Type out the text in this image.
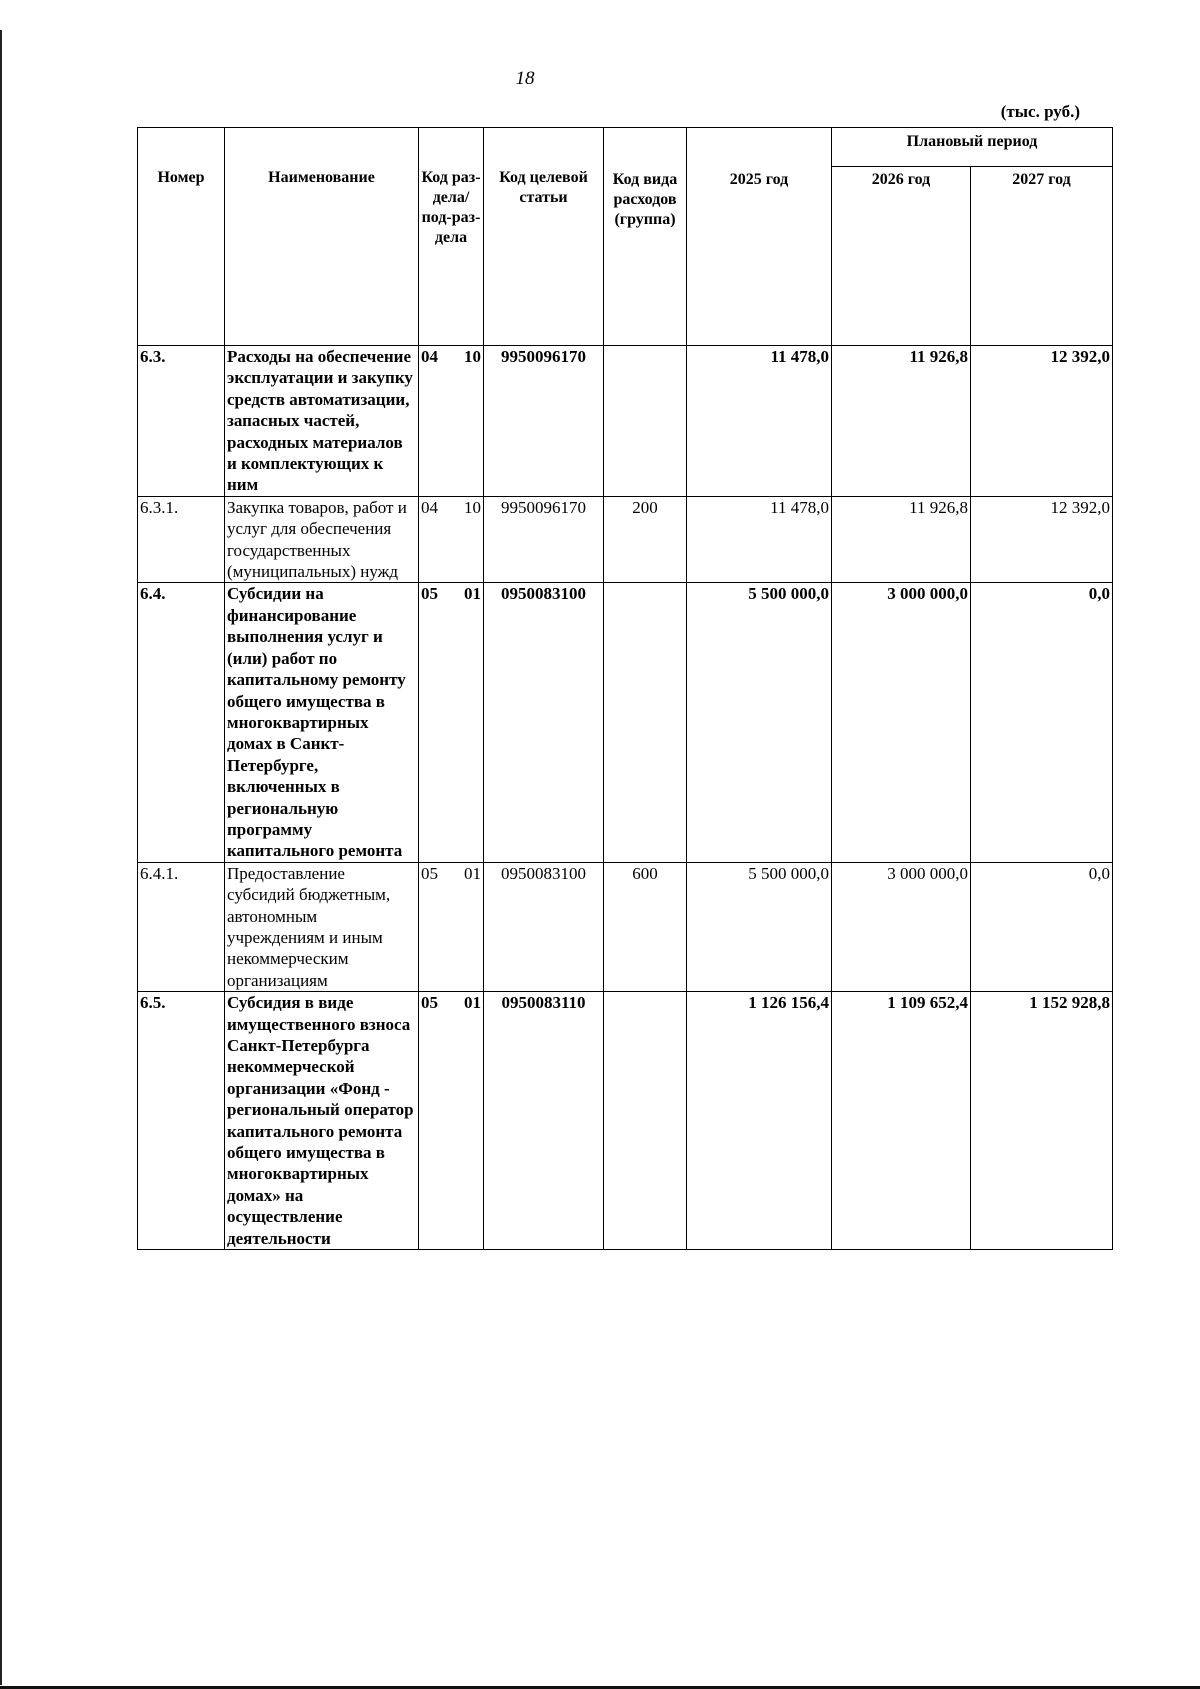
18
(тыс. руб.)
Номер	Наименование	Код раз-дела/ под-раз-дела	Код целевой статьи	Код вида расходов (группа)	2025 год	Плановый период	
						2026 год	2027 год
6.3.	Расходы на обеспечение эксплуатации и закупку средств автоматизации, запасных частей, расходных материалов и комплектующих к ним	04 10	9950096170		11 478,0	11 926,8	12 392,0
6.3.1.	Закупка товаров, работ и услуг для обеспечения государственных (муниципальных) нужд	04 10	9950096170	200	11 478,0	11 926,8	12 392,0
6.4.	Субсидии на финансирование выполнения услуг и (или) работ по капитальному ремонту общего имущества в многоквартирных домах в Санкт-Петербурге, включенных в региональную программу капитального ремонта	05 01	0950083100		5 500 000,0	3 000 000,0	0,0
6.4.1.	Предоставление субсидий бюджетным, автономным учреждениям и иным некоммерческим организациям	05 01	0950083100	600	5 500 000,0	3 000 000,0	0,0
6.5.	Субсидия в виде имущественного взноса Санкт-Петербурга некоммерческой организации «Фонд - региональный оператор капитального ремонта общего имущества в многоквартирных домах» на осуществление деятельности	05 01	0950083110		1 126 156,4	1 109 652,4	1 152 928,8
